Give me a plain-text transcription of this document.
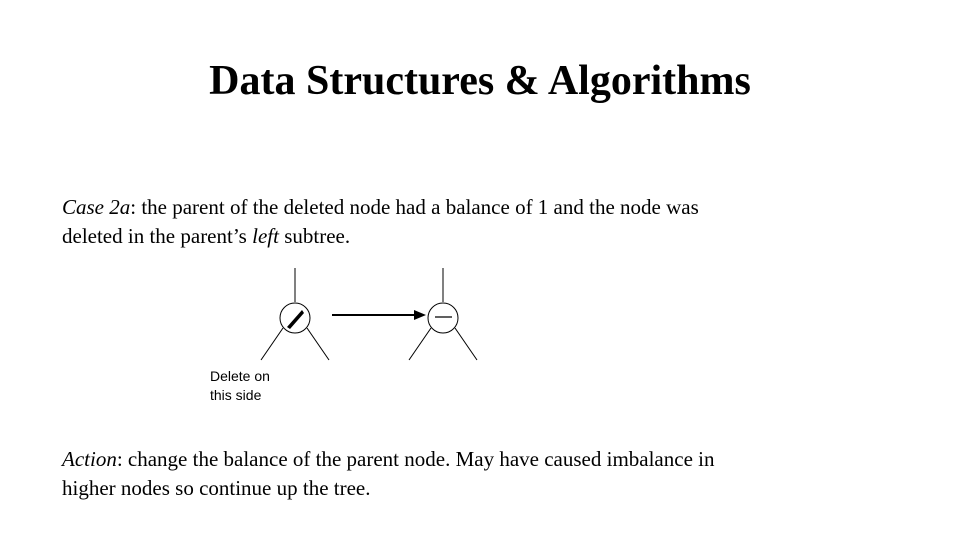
Data Structures & Algorithms
Case 2a: the parent of the deleted node had a balance of 1 and the node was deleted in the parent’s left subtree.
Delete on
this side
Action: change the balance of the parent node. May have caused imbalance in higher nodes so continue up the tree.
